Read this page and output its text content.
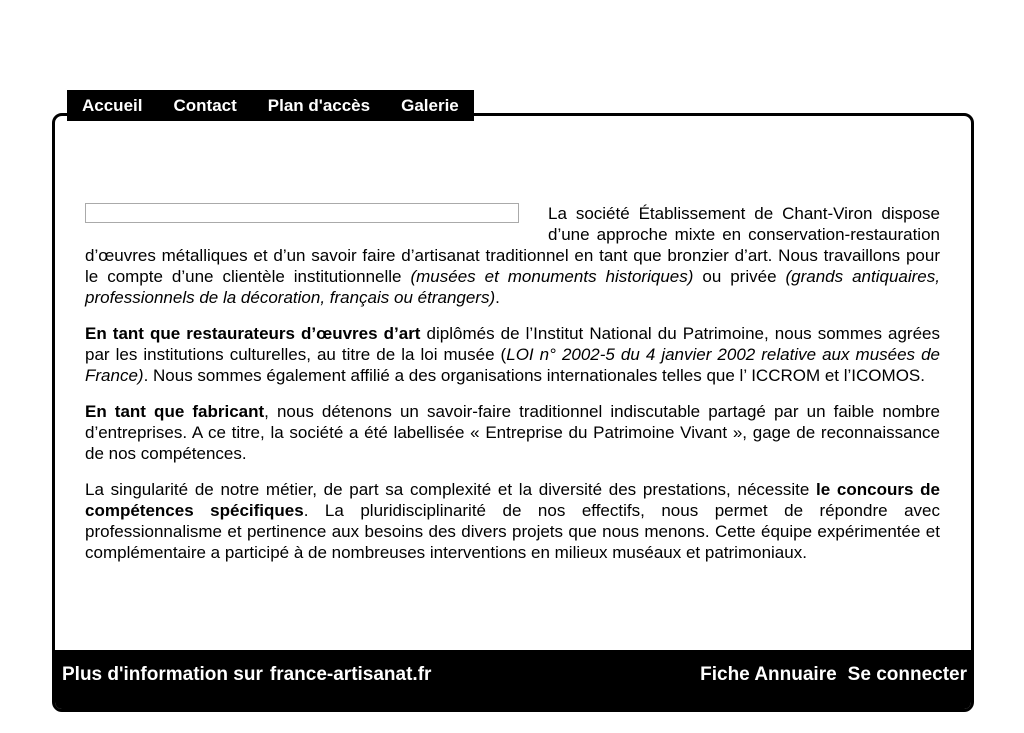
Accueil Contact Plan d'accès Galerie

La société Établissement de Chant-Viron dispose d’une approche mixte en conservation-restauration d’œuvres métalliques et d’un savoir faire d’artisanat traditionnel en tant que bronzier d’art. Nous travaillons pour le compte d’une clientèle institutionnelle (musées et monuments historiques) ou privée (grands antiquaires, professionnels de la décoration, français ou étrangers).

En tant que restaurateurs d’œuvres d’art diplômés de l’Institut National du Patrimoine, nous sommes agrées par les institutions culturelles, au titre de la loi musée (LOI n° 2002-5 du 4 janvier 2002 relative aux musées de France). Nous sommes également affilié a des organisations internationales telles que l’ ICCROM et l’ICOMOS.

En tant que fabricant, nous détenons un savoir-faire traditionnel indiscutable partagé par un faible nombre d’entreprises. A ce titre, la société a été labellisée « Entreprise du Patrimoine Vivant », gage de reconnaissance de nos compétences.

La singularité de notre métier, de part sa complexité et la diversité des prestations, nécessite le concours de compétences spécifiques. La pluridisciplinarité de nos effectifs, nous permet de répondre avec professionnalisme et pertinence aux besoins des divers projets que nous menons. Cette équipe expérimentée et complémentaire a participé à de nombreuses interventions en milieux muséaux et patrimoniaux.

Plus d'information sur france-artisanat.fr	Fiche Annuaire Se connecter
